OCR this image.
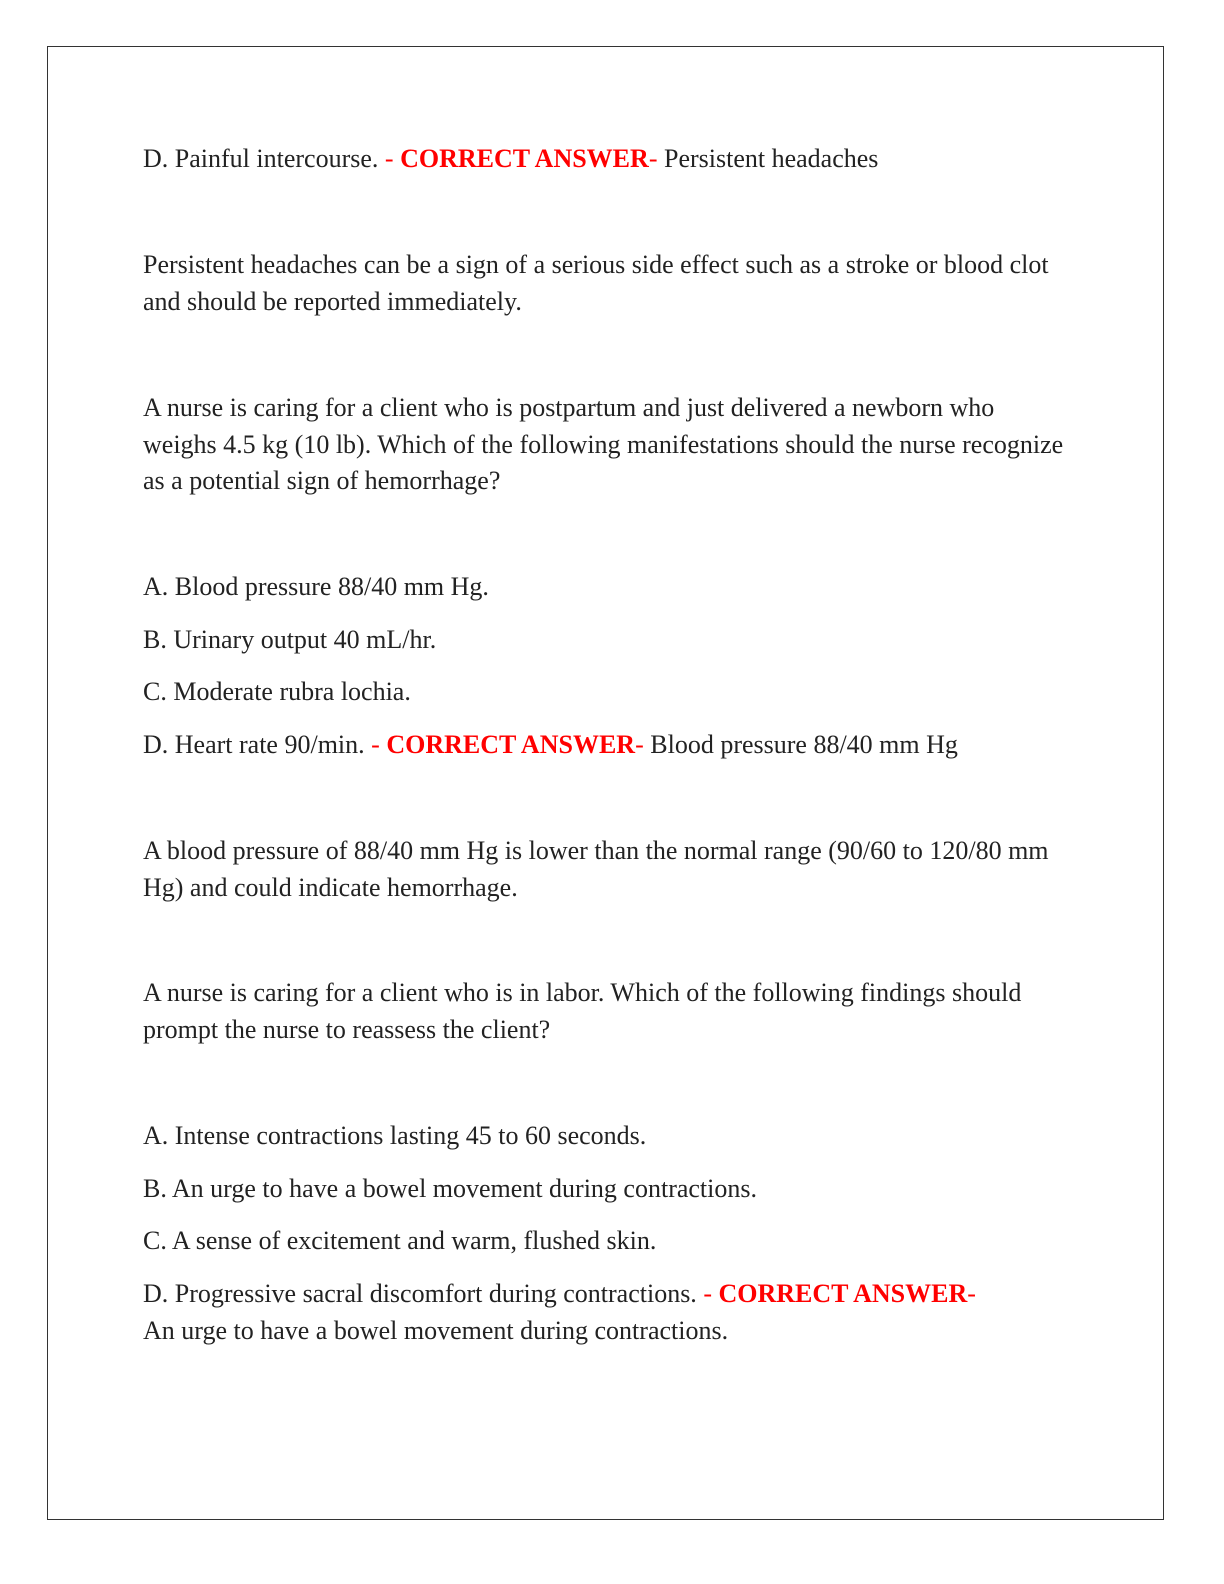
D. Painful intercourse. - CORRECT ANSWER- Persistent headaches
Persistent headaches can be a sign of a serious side effect such as a stroke or blood clot and should be reported immediately.
A nurse is caring for a client who is postpartum and just delivered a newborn who weighs 4.5 kg (10 lb). Which of the following manifestations should the nurse recognize as a potential sign of hemorrhage?
A. Blood pressure 88/40 mm Hg.
B. Urinary output 40 mL/hr.
C. Moderate rubra lochia.
D. Heart rate 90/min. - CORRECT ANSWER- Blood pressure 88/40 mm Hg
A blood pressure of 88/40 mm Hg is lower than the normal range (90/60 to 120/80 mm Hg) and could indicate hemorrhage.
A nurse is caring for a client who is in labor. Which of the following findings should prompt the nurse to reassess the client?
A. Intense contractions lasting 45 to 60 seconds.
B. An urge to have a bowel movement during contractions.
C. A sense of excitement and warm, flushed skin.
D. Progressive sacral discomfort during contractions. - CORRECT ANSWER-
An urge to have a bowel movement during contractions.
